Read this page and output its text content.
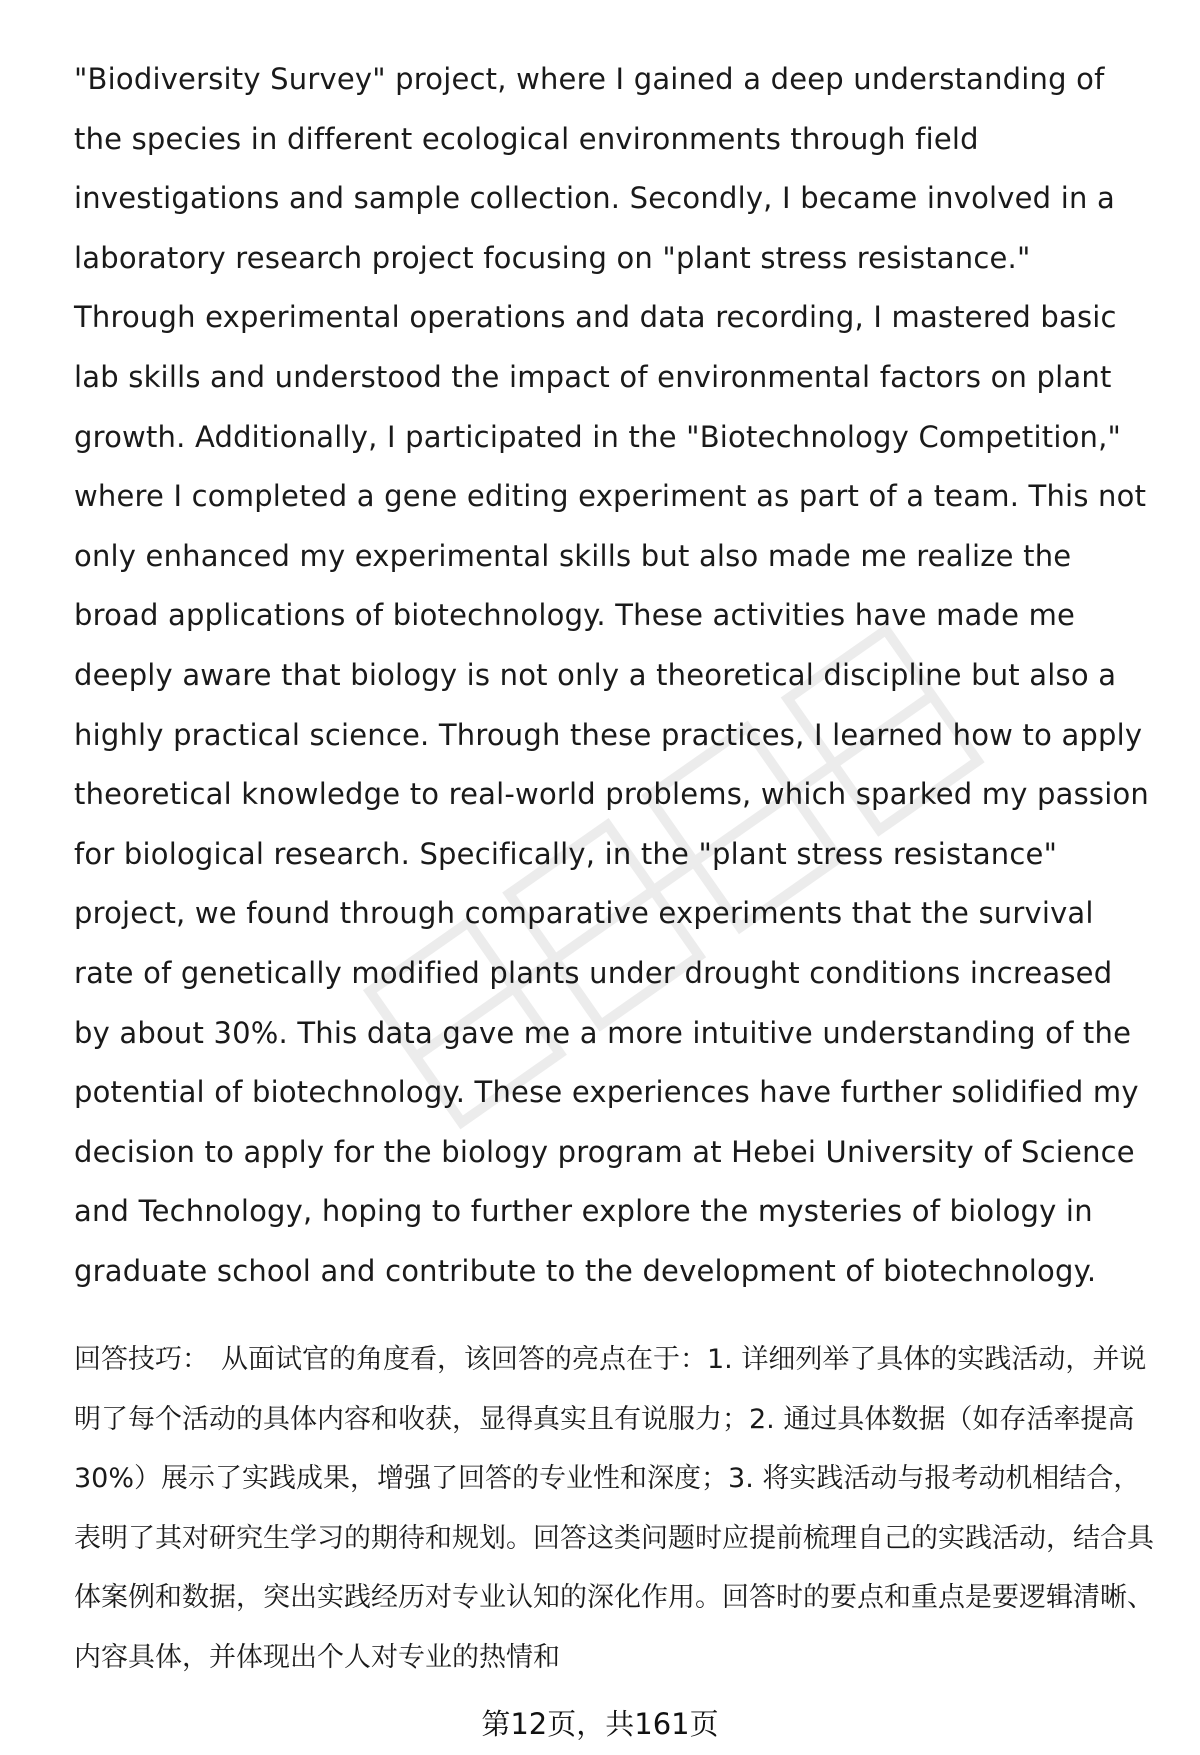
"Biodiversity Survey" project, where I gained a deep understanding of the species in different ecological environments through field investigations and sample collection. Secondly, I became involved in a laboratory research project focusing on "plant stress resistance." Through experimental operations and data recording, I mastered basic lab skills and understood the impact of environmental factors on plant growth. Additionally, I participated in the "Biotechnology Competition," where I completed a gene editing experiment as part of a team. This not only enhanced my experimental skills but also made me realize the broad applications of biotechnology. These activities have made me deeply aware that biology is not only a theoretical discipline but also a highly practical science. Through these practices, I learned how to apply theoretical knowledge to real-world problems, which sparked my passion for biological research. Specifically, in the "plant stress resistance" project, we found through comparative experiments that the survival rate of genetically modified plants under drought conditions increased by about 30%. This data gave me a more intuitive understanding of the potential of biotechnology. These experiences have further solidified my decision to apply for the biology program at Hebei University of Science and Technology, hoping to further explore the mysteries of biology in graduate school and contribute to the development of biotechnology.

回答技巧： 从面试官的角度看，该回答的亮点在于：1. 详细列举了具体的实践活动，并说明了每个活动的具体内容和收获，显得真实且有说服力；2. 通过具体数据（如存活率提高30%）展示了实践成果，增强了回答的专业性和深度；3. 将实践活动与报考动机相结合，表明了其对研究生学习的期待和规划。回答这类问题时应提前梳理自己的实践活动，结合具体案例和数据，突出实践经历对专业认知的深化作用。回答时的要点和重点是要逻辑清晰、内容具体，并体现出个人对专业的热情和

第12页，共161页
